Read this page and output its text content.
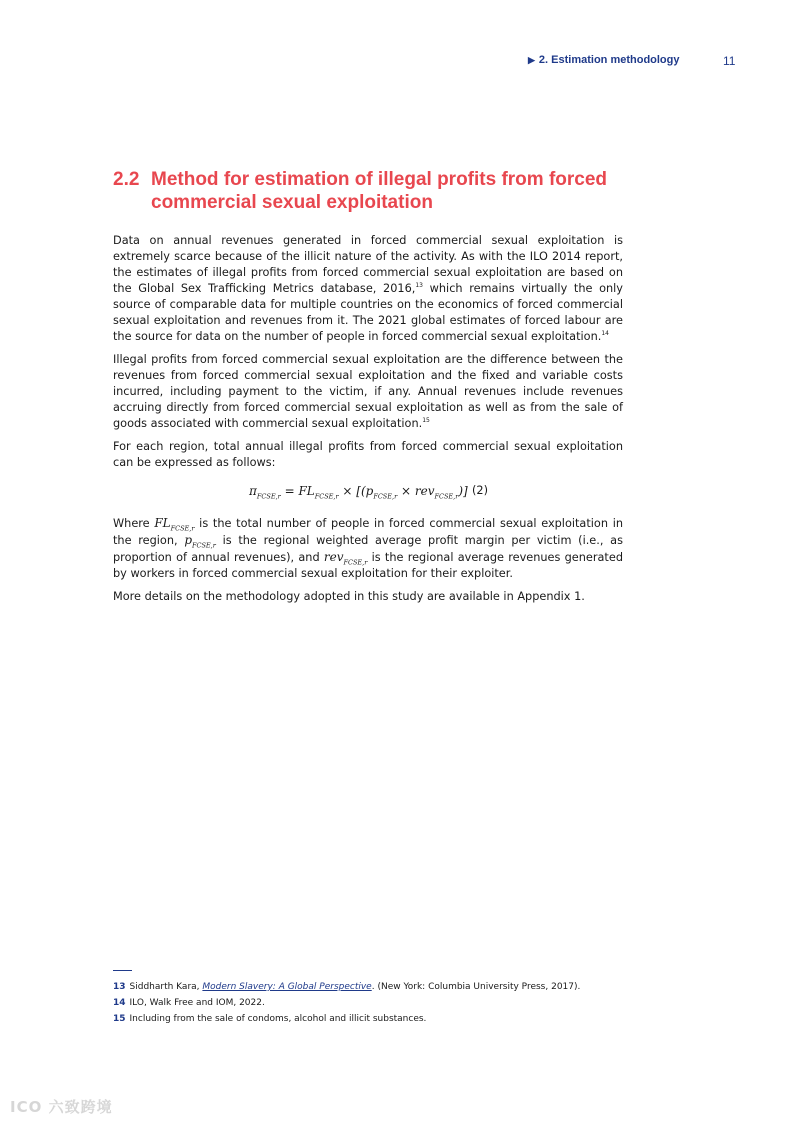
▶ 2. Estimation methodology	11
2.2 Method for estimation of illegal profits from forced commercial sexual exploitation

Data on annual revenues generated in forced commercial sexual exploitation is extremely scarce because of the illicit nature of the activity. As with the ILO 2014 report, the estimates of illegal profits from forced commercial sexual exploitation are based on the Global Sex Trafficking Metrics database, 2016,13 which remains virtually the only source of comparable data for multiple countries on the economics of forced commercial sexual exploitation and revenues from it. The 2021 global estimates of forced labour are the source for data on the number of people in forced commercial sexual exploitation.$^{14}$

Illegal profits from forced commercial sexual exploitation are the difference between the revenues from forced commercial sexual exploitation and the fixed and variable costs incurred, including payment to the victim, if any. Annual revenues include revenues accruing directly from forced commercial sexual exploitation as well as from the sale of goods associated with commercial sexual exploitation.$^{15}$

For each region, total annual illegal profits from forced commercial sexual exploitation can be expressed as follows:

$\pi_{FCSE,r} = FL_{FCSE,r} \times [(p_{FCSE,r} \times rev_{FCSE,r})]$ (2)

Where $FL_{FCSE,r}$ is the total number of people in forced commercial sexual exploitation in the region, $p_{FCSE,r}$ is the regional weighted average profit margin per victim (i.e., as proportion of annual revenues), and rev$_{FCSE,r}$ is the regional average revenues generated by workers in forced commercial sexual exploitation for their exploiter.

More details on the methodology adopted in this study are available in Appendix 1.

13 Siddharth Kara, Modern Slavery: A Global Perspective. (New York: Columbia University Press, 2017).
14 ILO, Walk Free and IOM, 2022.
15 Including from the sale of condoms, alcohol and illicit substances.
ICO 六致跨境
